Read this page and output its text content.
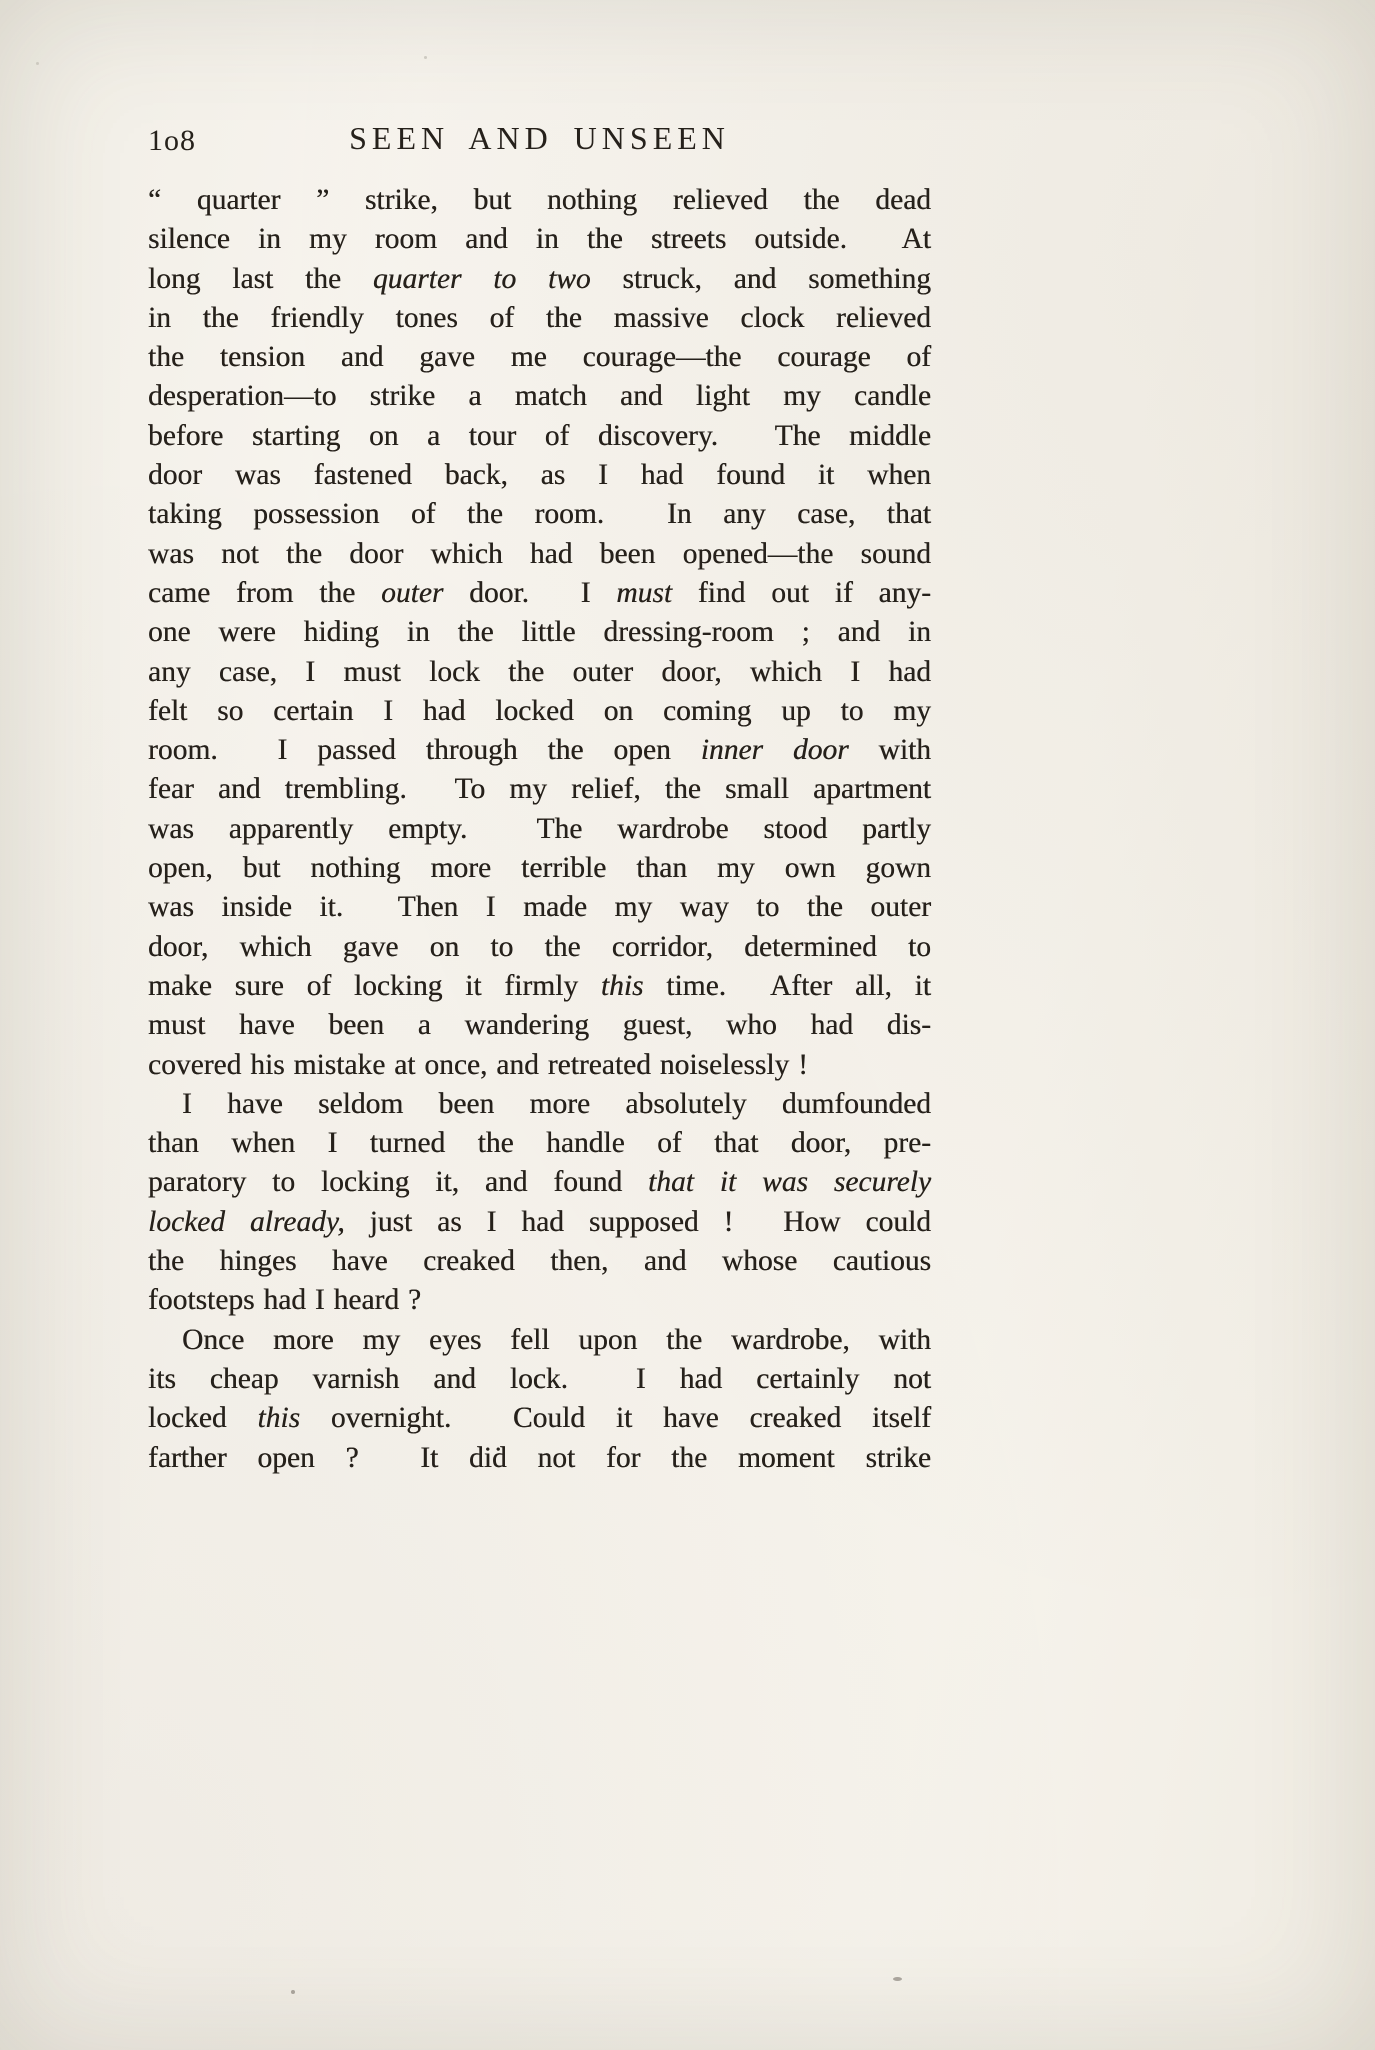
1o8	SEEN AND UNSEEN
“ quarter ” strike, but nothing relieved the dead
silence in my room and in the streets outside.  At
long last the quarter to two struck, and something
in the friendly tones of the massive clock relieved
the tension and gave me courage—the courage of
desperation—to strike a match and light my candle
before starting on a tour of discovery.  The middle
door was fastened back, as I had found it when
taking possession of the room.  In any case, that
was not the door which had been opened—the sound
came from the outer door.  I must find out if any-
one were hiding in the little dressing-room ; and in
any case, I must lock the outer door, which I had
felt so certain I had locked on coming up to my
room.  I passed through the open inner door with
fear and trembling.  To my relief, the small apartment
was apparently empty.  The wardrobe stood partly
open, but nothing more terrible than my own gown
was inside it.  Then I made my way to the outer
door, which gave on to the corridor, determined to
make sure of locking it firmly this time.  After all, it
must have been a wandering guest, who had dis-
covered his mistake at once, and retreated noiselessly !
I have seldom been more absolutely dumfounded
than when I turned the handle of that door, pre-
paratory to locking it, and found that it was securely
locked already, just as I had supposed !  How could
the hinges have creaked then, and whose cautious
footsteps had I heard ?
Once more my eyes fell upon the wardrobe, with
its cheap varnish and lock.  I had certainly not
locked this overnight.  Could it have creaked itself
farther open ?  It diḋ not for the moment strike
